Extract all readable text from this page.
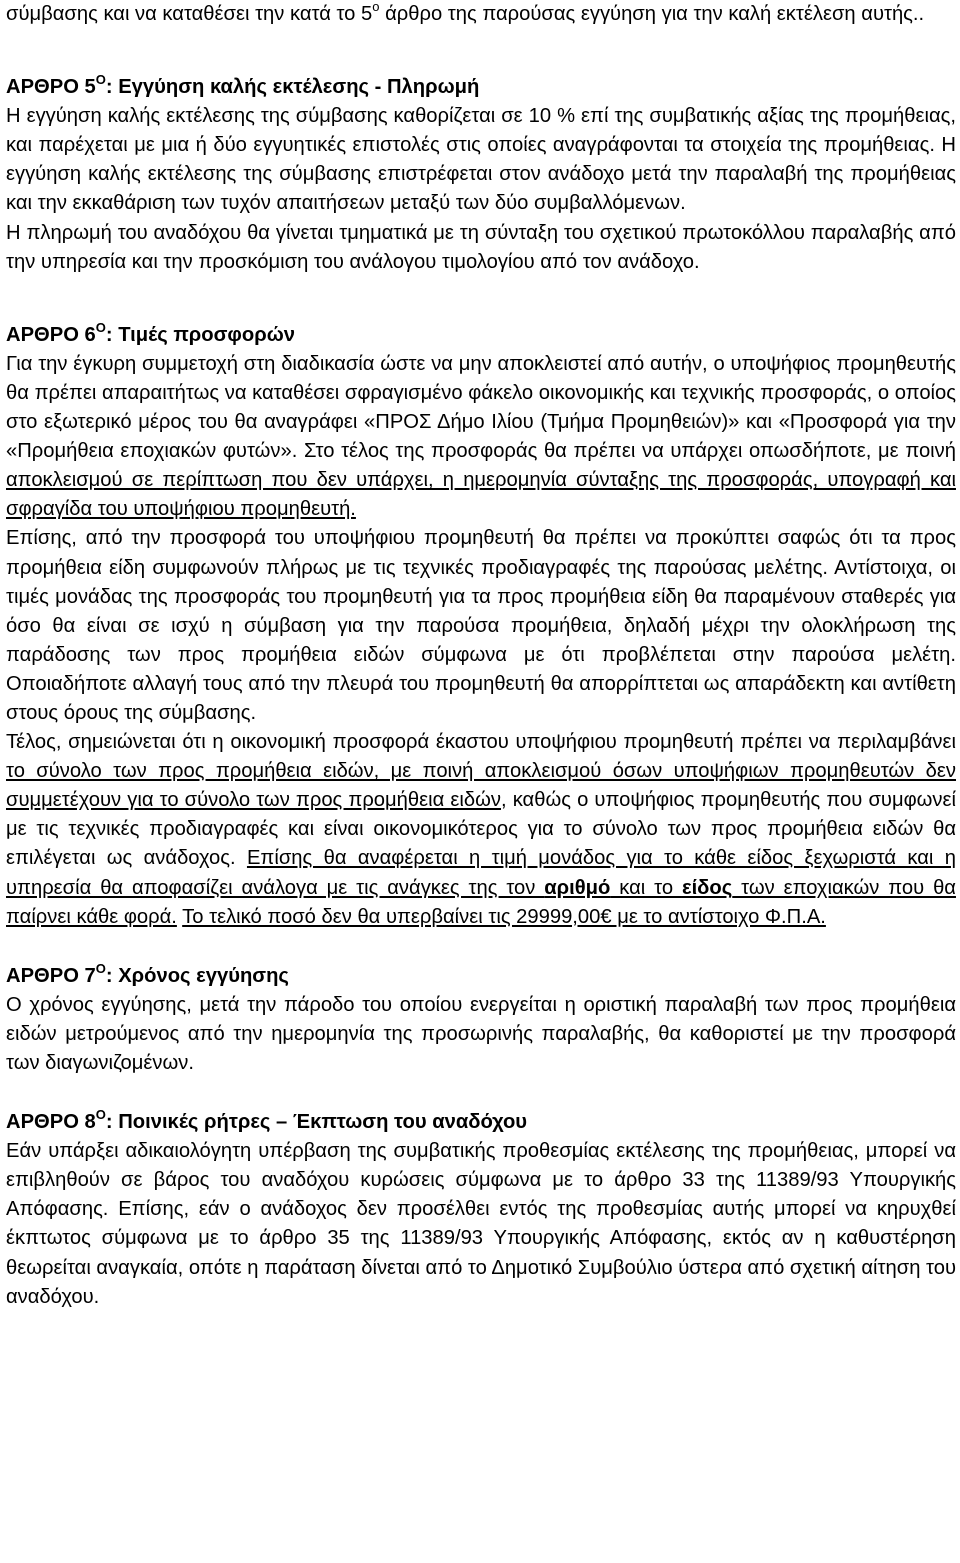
σύμβασης και να καταθέσει την κατά το $5^o$ άρθρο της παρούσας εγγύηση για την καλή εκτέλεση αυτής..

ΑΡΘΡΟ $5^O$: Εγγύηση καλής εκτέλεσης - Πληρωμή

Η εγγύηση καλής εκτέλεσης της σύμβασης καθορίζεται σε 10 % επί της συμβατικής αξίας της προμήθειας, και παρέχεται με μια ή δύο εγγυητικές επιστολές στις οποίες αναγράφονται τα στοιχεία της προμήθειας. Η εγγύηση καλής εκτέλεσης της σύμβασης επιστρέφεται στον ανάδοχο μετά την παραλαβή της προμήθειας και την εκκαθάριση των τυχόν απαιτήσεων μεταξύ των δύο συμβαλλόμενων.

Η πληρωμή του αναδόχου θα γίνεται τμηματικά με τη σύνταξη του σχετικού πρωτοκόλλου παραλαβής από την υπηρεσία και την προσκόμιση του ανάλογου τιμολογίου από τον ανάδοχο.

ΑΡΘΡΟ $6^O$: Τιμές προσφορών

Για την έγκυρη συμμετοχή στη διαδικασία ώστε να μην αποκλειστεί από αυτήν, ο υποψήφιος προμηθευτής θα πρέπει απαραιτήτως να καταθέσει σφραγισμένο φάκελο οικονομικής και τεχνικής προσφοράς, ο οποίος στο εξωτερικό μέρος του θα αναγράφει «ΠΡΟΣ Δήμο Ιλίου (Τμήμα Προμηθειών)» και «Προσφορά για την «Προμήθεια εποχιακών φυτών». Στο τέλος της προσφοράς θα πρέπει να υπάρχει οπωσδήποτε, με ποινή αποκλεισμού σε περίπτωση που δεν υπάρχει, η ημερομηνία σύνταξης της προσφοράς, υπογραφή και σφραγίδα του υποψήφιου προμηθευτή.

Επίσης, από την προσφορά του υποψήφιου προμηθευτή θα πρέπει να προκύπτει σαφώς ότι τα προς προμήθεια είδη συμφωνούν πλήρως με τις τεχνικές προδιαγραφές της παρούσας μελέτης. Αντίστοιχα, οι τιμές μονάδας της προσφοράς του προμηθευτή για τα προς προμήθεια είδη θα παραμένουν σταθερές για όσο θα είναι σε ισχύ η σύμβαση για την παρούσα προμήθεια, δηλαδή μέχρι την ολοκλήρωση της παράδοσης των προς προμήθεια ειδών σύμφωνα με ότι προβλέπεται στην παρούσα μελέτη. Οποιαδήποτε αλλαγή τους από την πλευρά του προμηθευτή θα απορρίπτεται ως απαράδεκτη και αντίθετη στους όρους της σύμβασης.

Τέλος, σημειώνεται ότι η οικονομική προσφορά έκαστου υποψήφιου προμηθευτή πρέπει να περιλαμβάνει το σύνολο των προς προμήθεια ειδών, με ποινή αποκλεισμού όσων υποψήφιων προμηθευτών δεν συμμετέχουν για το σύνολο των προς προμήθεια ειδών, καθώς ο υποψήφιος προμηθευτής που συμφωνεί με τις τεχνικές προδιαγραφές και είναι οικονομικότερος για το σύνολο των προς προμήθεια ειδών θα επιλέγεται ως ανάδοχος. Επίσης θα αναφέρεται η τιμή μονάδος για το κάθε είδος ξεχωριστά και η υπηρεσία θα αποφασίζει ανάλογα με τις ανάγκες της τον αριθμό και το είδος των εποχιακών που θα παίρνει κάθε φορά. Το τελικό ποσό δεν θα υπερβαίνει τις 29999,00€ με το αντίστοιχο Φ.Π.Α.

ΑΡΘΡΟ $7^O$: Χρόνος εγγύησης

Ο χρόνος εγγύησης, μετά την πάροδο του οποίου ενεργείται η οριστική παραλαβή των προς προμήθεια ειδών μετρούμενος από την ημερομηνία της προσωρινής παραλαβής, θα καθοριστεί με την προσφορά των διαγωνιζομένων.

ΑΡΘΡΟ $8^O$: Ποινικές ρήτρες – Έκπτωση του αναδόχου

Εάν υπάρξει αδικαιολόγητη υπέρβαση της συμβατικής προθεσμίας εκτέλεσης της προμήθειας, μπορεί να επιβληθούν σε βάρος του αναδόχου κυρώσεις σύμφωνα με το άρθρο 33 της 11389/93 Υπουργικής Απόφασης. Επίσης, εάν ο ανάδοχος δεν προσέλθει εντός της προθεσμίας αυτής μπορεί να κηρυχθεί έκπτωτος σύμφωνα με το άρθρο 35 της 11389/93 Υπουργικής Απόφασης, εκτός αν η καθυστέρηση θεωρείται αναγκαία, οπότε η παράταση δίνεται από το Δημοτικό Συμβούλιο ύστερα από σχετική αίτηση του αναδόχου.
